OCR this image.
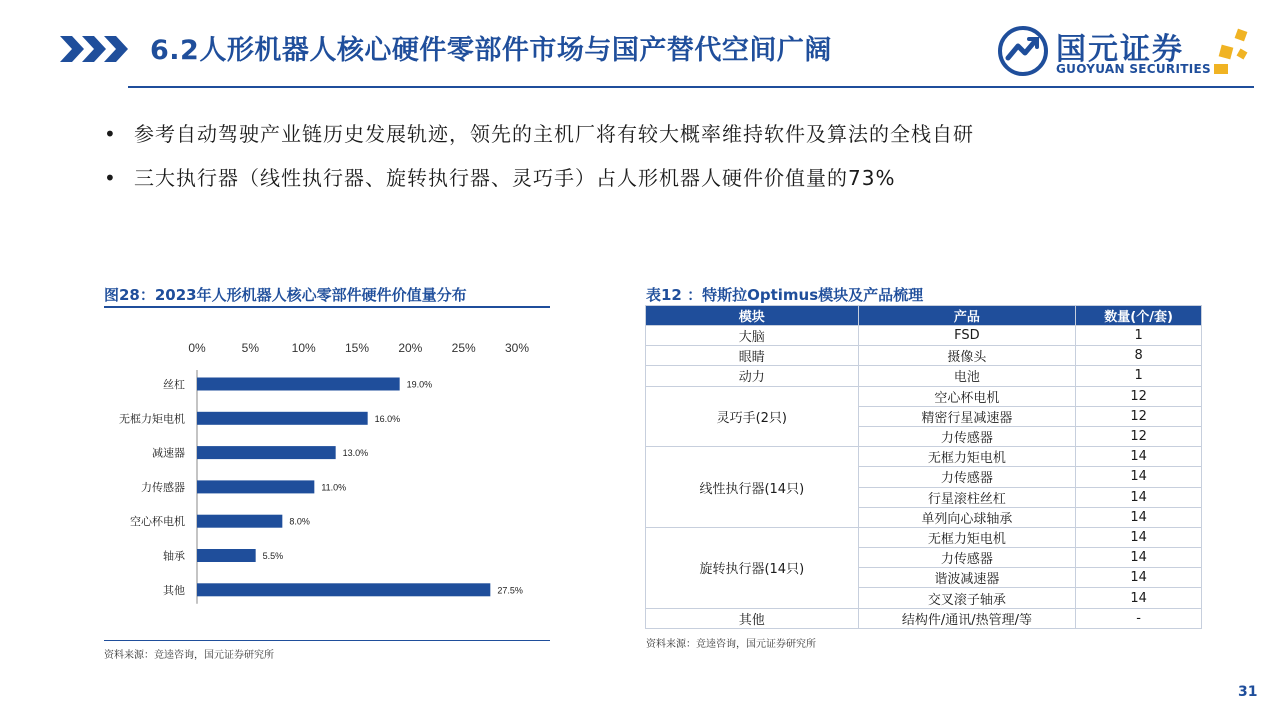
6.2人形机器人核心硬件零部件市场与国产替代空间广阔	国元证券
GUOYUAN SECURITIES
• 参考自动驾驶产业链历史发展轨迹，领先的主机厂将有较大概率维持软件及算法的全栈自研
• 三大执行器（线性执行器、旋转执行器、灵巧手）占人形机器人硬件价值量的73%
图28：2023年人形机器人核心零部件硬件价值量分布
0%	5%	10% 15% 20% 25% 30%
丝杠	19.0%
无框力矩电机	16.0%
减速器	13.0%
力传感器	11.0%
空心杯电机	8.0%
轴承	5.5%
其他	27.5%
资料来源：竞逵咨询，国元证券研究所
表12 ：特斯拉Optimus模块及产品梳理
模块	产品	数量(个/套)
大脑	FSD	1
眼睛	摄像头	8
动力	电池	1
灵巧手(2只)	空心杯电机	12
	精密行星减速器	12
	力传感器	12
线性执行器(14只)	无框力矩电机	14
	力传感器	14
	行星滚柱丝杠	14
	单列向心球轴承	14
旋转执行器(14只)	无框力矩电机	14
	力传感器	14
	谐波减速器	14
	交叉滚子轴承	14
其他	结构件/通讯/热管理/等	-
资料来源：竞逵咨询，国元证券研究所
31
